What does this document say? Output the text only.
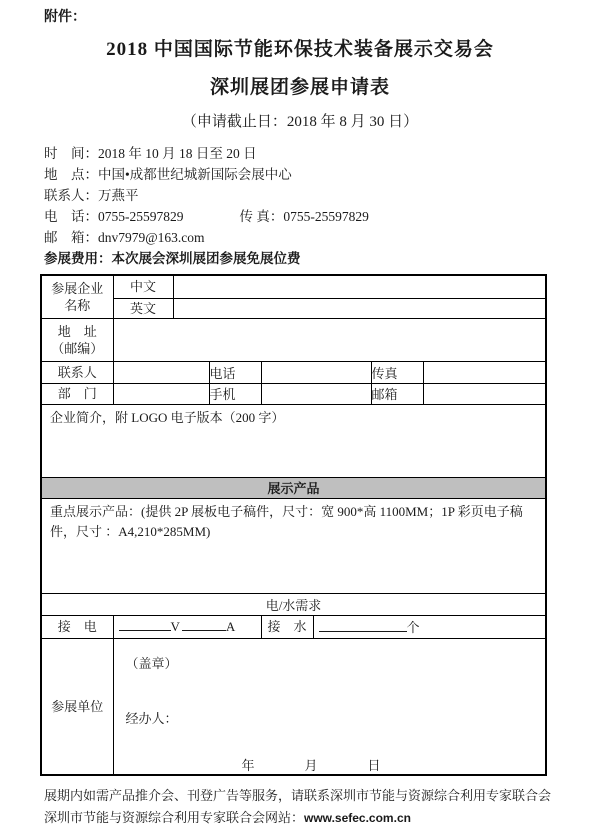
附件：
2018 中国国际节能环保技术装备展示交易会
深圳展团参展申请表
（申请截止日：2018 年 8 月 30 日）
时　间：2018 年 10 月 18 日至 20 日
地　点：中国•成都世纪城新国际会展中心
联系人：万燕平
电　话：0755-25597829	传 真：0755-25597829
邮　箱：dnv7979@163.com
参展费用：本次展会深圳展团参展免展位费
参展企业
名称	中文						
	英文						

地　址
（邮编）							

联系人			电话			传真	
部　门			手机			邮箱	
企业简介，附 LOGO 电子版本（200 字）							
展示产品							
重点展示产品：(提供 2P 展板电子稿件，尺寸：宽 900*高 1100MM；1P 彩页电子稿件，尺寸 ：A4,210*285MM)							
电/水需求							
接　电	V A			接　水	个		
参展单位	（盖章）
经办人：
年 月 日						
展期内如需产品推介会、刊登广告等服务，请联系深圳市节能与资源综合利用专家联合会
深圳市节能与资源综合利用专家联合会网站：www.sefec.com.cn
